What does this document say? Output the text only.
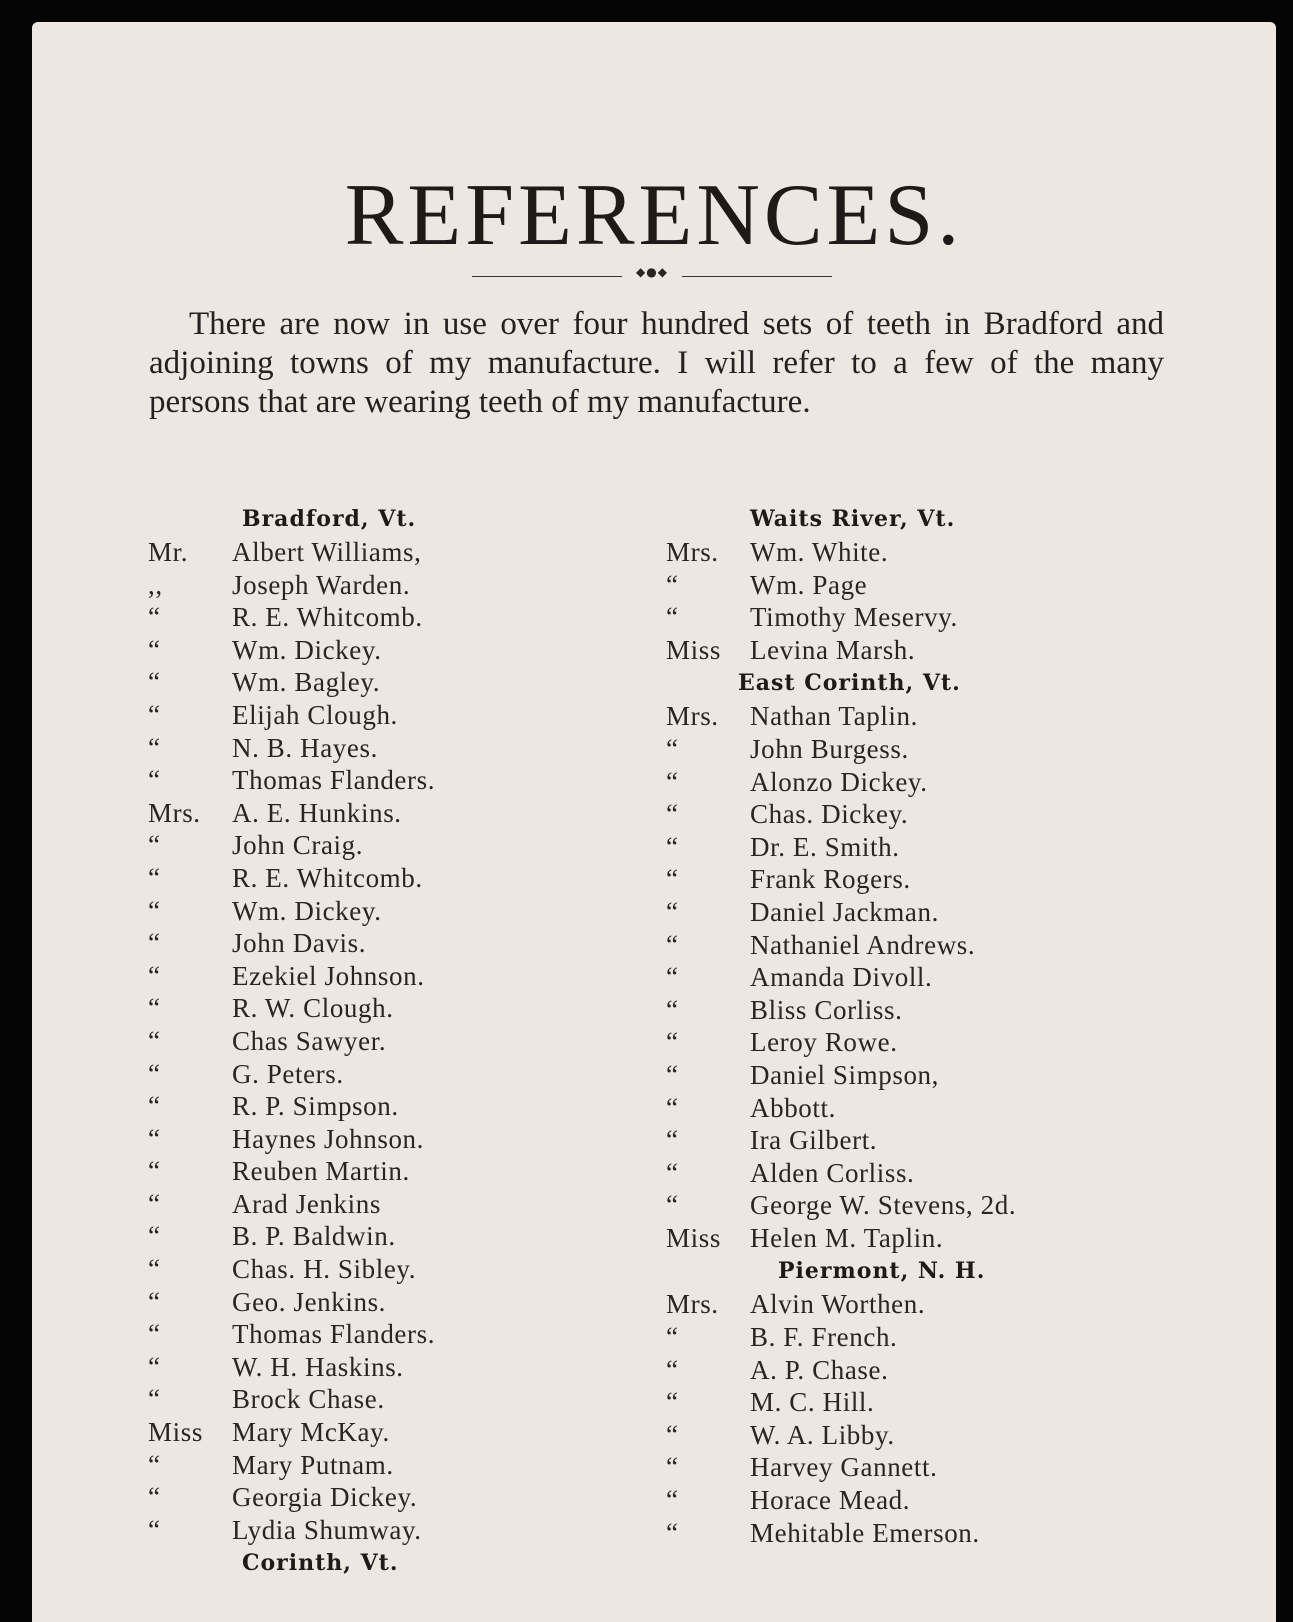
REFERENCES.
◆●◆
There are now in use over four hundred sets of teeth in Bradford and adjoining towns of my manufacture. I will refer to a few of the many persons that are wearing teeth of my manufacture.
Bradford, Vt.
Mr. Albert Williams,
,,	Joseph Warden.
“	R. E. Whitcomb.
“	Wm. Dickey.
“	Wm. Bagley.
“	Elijah Clough.
“	N. B. Hayes.
“	Thomas Flanders.
Mrs. A. E. Hunkins.
“	John Craig.
“	R. E. Whitcomb.
“	Wm. Dickey.
“	John Davis.
“	Ezekiel Johnson.
“	R. W. Clough.
“	Chas Sawyer.
“	G. Peters.
“	R. P. Simpson.
“	Haynes Johnson.
“	Reuben Martin.
“	Arad Jenkins
“	B. P. Baldwin.
“	Chas. H. Sibley.
“	Geo. Jenkins.
“	Thomas Flanders.
“	W. H. Haskins.
“	Brock Chase.
Miss Mary McKay.
“	Mary Putnam.
“	Georgia Dickey.
“	Lydia Shumway.
Corinth, Vt.
Waits River, Vt.
Mrs. Wm. White.
“	Wm. Page
“	Timothy Meservy.
Miss Levina Marsh.
East Corinth, Vt.
Mrs. Nathan Taplin.
“	John Burgess.
“	Alonzo Dickey.
“	Chas. Dickey.
“	Dr. E. Smith.
“	Frank Rogers.
“	Daniel Jackman.
“	Nathaniel Andrews.
“	Amanda Divoll.
“	Bliss Corliss.
“	Leroy Rowe.
“	Daniel Simpson,
“	Abbott.
“	Ira Gilbert.
“	Alden Corliss.
“	George W. Stevens, 2d.
Miss Helen M. Taplin.
Piermont, N. H.
Mrs. Alvin Worthen.
“	B. F. French.
“	A. P. Chase.
“	M. C. Hill.
“	W. A. Libby.
“	Harvey Gannett.
“	Horace Mead.
“	Mehitable Emerson.
